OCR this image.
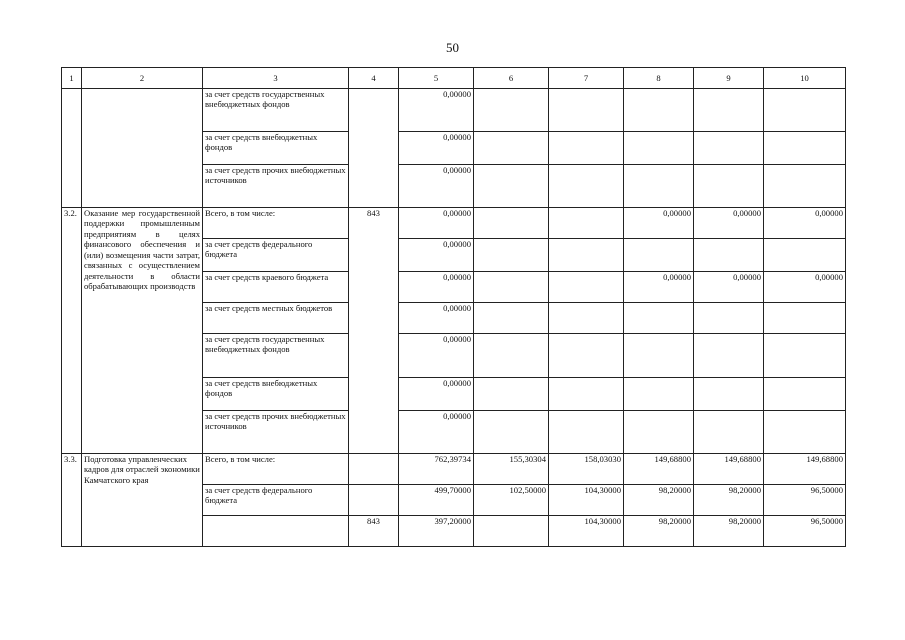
50
1	2	3	4	5	6	7	8	9	10
		за счет средств государственных внебюджетных фондов		0,00000					
		за счет средств внебюджетных фондов		0,00000					
		за счет средств прочих внебюджетных источников		0,00000					
3.2.	Оказание мер государственной поддержки промышленным предприятиям в целях финансового обеспечения и (или) возмещения части затрат, связанных с осуществлением деятельности в области обрабатывающих производств	Всего, в том числе:	843	0,00000			0,00000	0,00000	0,00000
		за счет средств федерального бюджета		0,00000					
		за счет средств краевого бюджета		0,00000			0,00000	0,00000	0,00000
		за счет средств местных бюджетов		0,00000					
		за счет средств государственных внебюджетных фондов		0,00000					
		за счет средств внебюджетных фондов		0,00000					
		за счет средств прочих внебюджетных источников		0,00000					
3.3.	Подготовка управленческих кадров для отраслей экономики Камчатского края	Всего, в том числе:		762,39734	155,30304	158,03030	149,68800	149,68800	149,68800
		за счет средств федерального бюджета		499,70000	102,50000	104,30000	98,20000	98,20000	96,50000
			843	397,20000		104,30000	98,20000	98,20000	96,50000
